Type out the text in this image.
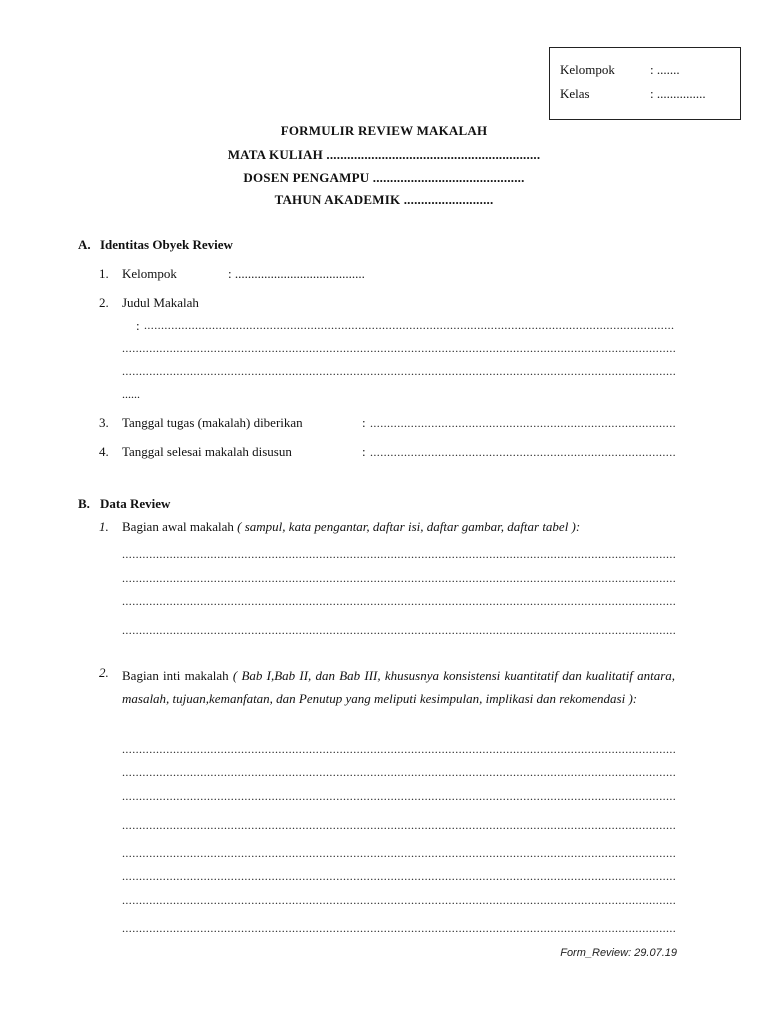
Kelompok	: .......
Kelas	: ...............
FORMULIR REVIEW MAKALAH
MATA KULIAH ..............................................................
DOSEN PENGAMPU ............................................
TAHUN AKADEMIK ..........................
A. Identitas Obyek Review
1. Kelompok	: ........................................
2. Judul Makalah
:
.....
.....
.....
......
3. Tanggal tugas (makalah) diberikan	:
.....
4. Tanggal selesai makalah disusun	:
.....
B. Data Review
1. Bagian awal makalah ( sampul, kata pengantar, daftar isi, daftar gambar, daftar tabel ):
.....
.....
.....
.....
2. Bagian inti makalah ( Bab I,Bab II, dan Bab III, khususnya konsistensi kuantitatif dan kualitatif antara, masalah, tujuan,kemanfatan, dan Penutup yang meliputi kesimpulan, implikasi dan rekomendasi ):
.....
.....
.....
.....
.....
.....
.....
.....
Form_Review: 29.07.19
